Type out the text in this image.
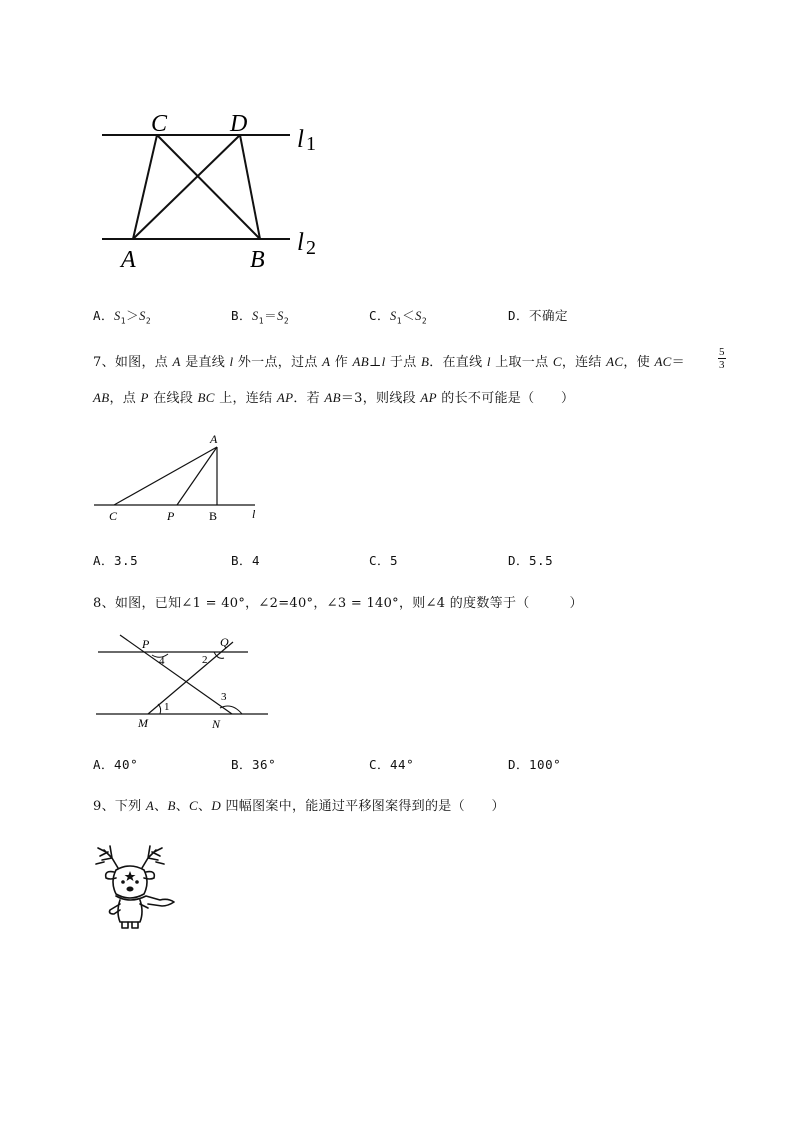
C	D
A	B
l 1
l 2
A．$S_1>S_2$	B．$S_1=S_2$	C．$S_1<S_2$	D．不确定
7、如图，点 A 是直线 l 外一点，过点 A 作 AB⊥l 于点 B．在直线 l 上取一点 C，连结 AC，使 AC＝	$\frac{5}{3}$
AB，点 P 在线段 BC 上，连结 AP．若 AB＝3，则线段 AP 的长不可能是（　　）
A
C	P	B	l
A．3.5	B．4	C．5	D．5.5
8、如图，已知∠1 = 40°，∠2=40°，∠3 = 140°，则∠4 的度数等于（　　　）
P	Q
M	N
4	2
1
3
A．40°	B．36°	C．44°	D．100°
9、下列 A、B、C、D 四幅图案中，能通过平移图案得到的是（　　）
